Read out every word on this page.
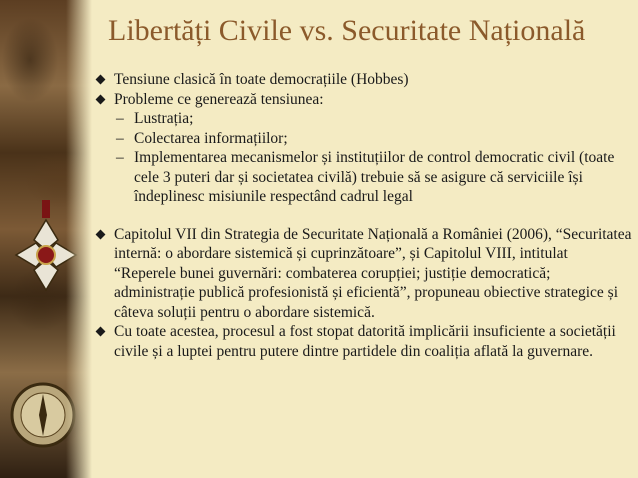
Libertăți Civile vs. Securitate Națională

Tensiune clasică în toate democrațiile (Hobbes)

Probleme ce generează tensiunea:

– Lustrația;

– Colectarea informațiilor;

– Implementarea mecanismelor și instituțiilor de control democratic civil (toate cele 3 puteri dar și societatea civilă) trebuie să se asigure că serviciile își îndeplinesc misiunile respectând cadrul legal

Capitolul VII din Strategia de Securitate Națională a României (2006), “Securitatea internă: o abordare sistemică și cuprinzătoare”, și Capitolul VIII, intitulat “Reperele bunei guvernări: combaterea corupției; justiție democratică; administrație publică profesionistă și eficientă”, propuneau obiective strategice și câteva soluții pentru o abordare sistemică.

Cu toate acestea, procesul a fost stopat datorită implicării insuficiente a societății civile și a luptei pentru putere dintre partidele din coaliția aflată la guvernare.
